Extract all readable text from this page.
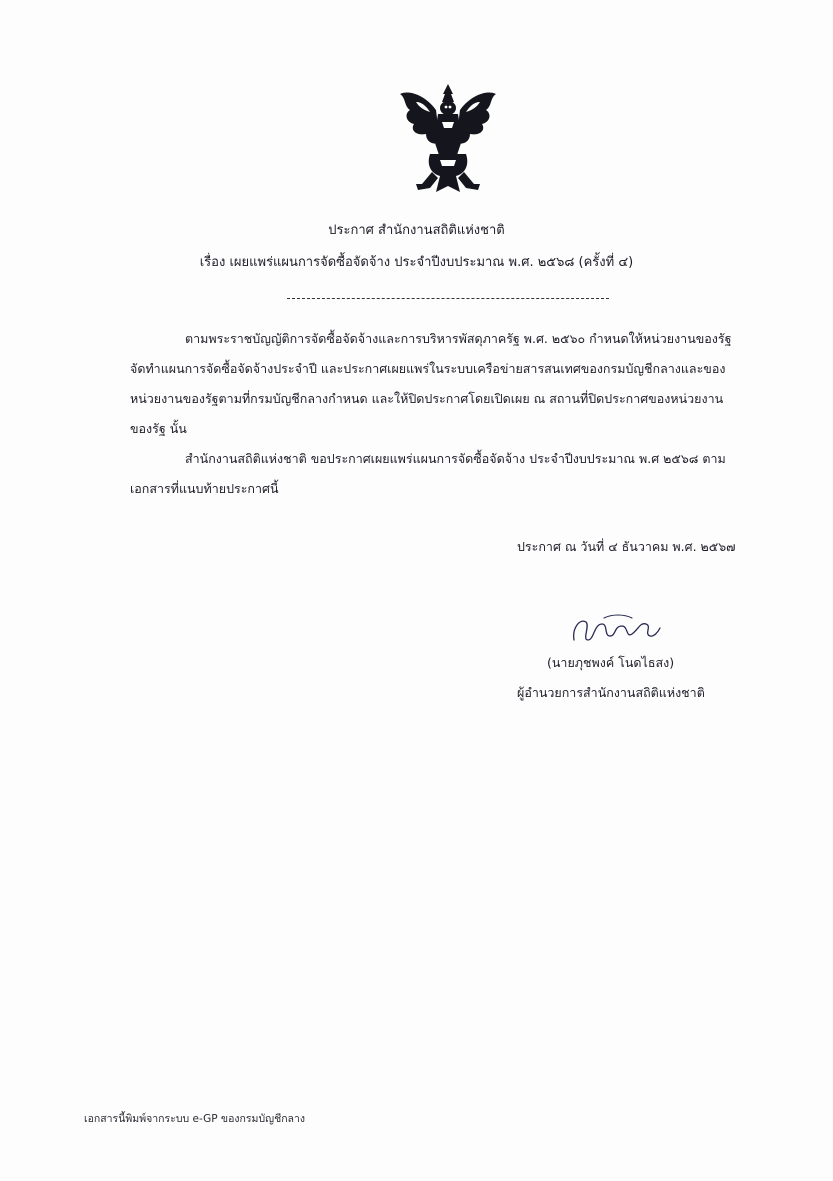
ประกาศ สำนักงานสถิติแห่งชาติ
เรื่อง เผยแพร่แผนการจัดซื้อจัดจ้าง ประจำปีงบประมาณ พ.ศ. ๒๕๖๘ (ครั้งที่ ๔)
ตามพระราชบัญญัติการจัดซื้อจัดจ้างและการบริหารพัสดุภาครัฐ พ.ศ. ๒๕๖๐ กำหนดให้หน่วยงานของรัฐ
จัดทำแผนการจัดซื้อจัดจ้างประจำปี และประกาศเผยแพร่ในระบบเครือข่ายสารสนเทศของกรมบัญชีกลางและของ
หน่วยงานของรัฐตามที่กรมบัญชีกลางกำหนด และให้ปิดประกาศโดยเปิดเผย ณ สถานที่ปิดประกาศของหน่วยงาน
ของรัฐ นั้น
สำนักงานสถิติแห่งชาติ ขอประกาศเผยแพร่แผนการจัดซื้อจัดจ้าง ประจำปีงบประมาณ พ.ศ ๒๕๖๘ ตาม
เอกสารที่แนบท้ายประกาศนี้
ประกาศ ณ วันที่ ๔ ธันวาคม พ.ศ. ๒๕๖๗
(นายภุชพงค์ โนดไธสง)
ผู้อำนวยการสำนักงานสถิติแห่งชาติ
เอกสารนี้พิมพ์จากระบบ e-GP ของกรมบัญชีกลาง
